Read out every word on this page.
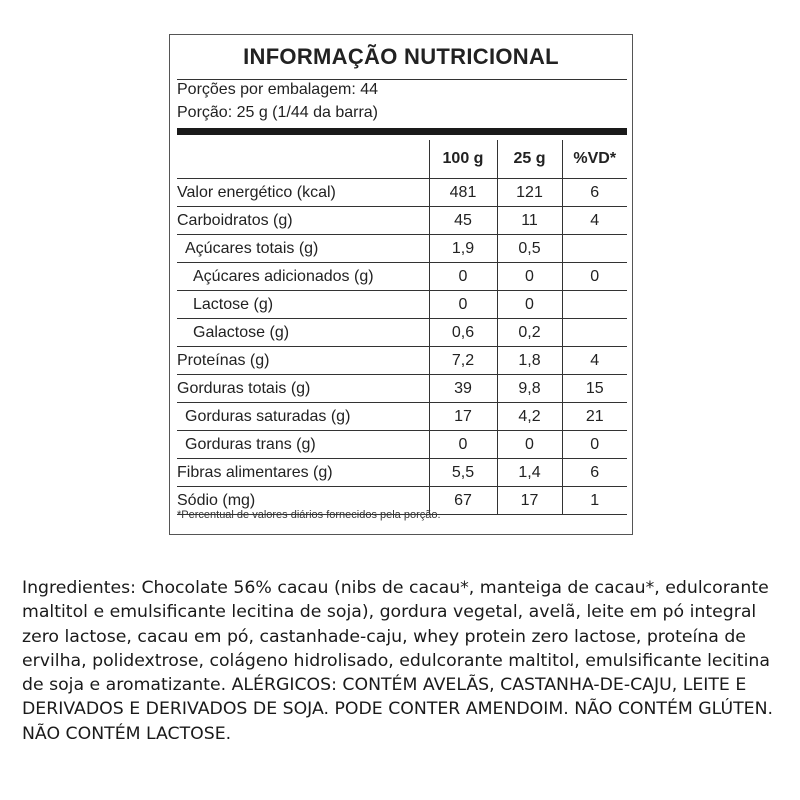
INFORMAÇÃO NUTRICIONAL
Porções por embalagem: 44
Porção: 25 g (1/44 da barra)
	100 g	25 g	%VD*
Valor energético (kcal)	481	121	6
Carboidratos (g)	45	11	4
Açúcares totais (g)	1,9	0,5	
Açúcares adicionados (g)	0	0	0
Lactose (g)	0	0	
Galactose (g)	0,6	0,2	
Proteínas (g)	7,2	1,8	4
Gorduras totais (g)	39	9,8	15
Gorduras saturadas (g)	17	4,2	21
Gorduras trans (g)	0	0	0
Fibras alimentares (g)	5,5	1,4	6
Sódio (mg)	67	17	1
*Percentual de valores diários fornecidos pela porção.
Ingredientes: Chocolate 56% cacau (nibs de cacau*, manteiga de cacau*, edulcorante maltitol e emulsificante lecitina de soja), gordura vegetal, avelã, leite em pó integral zero lactose, cacau em pó, castanha⁠de-caju, whey protein zero lactose, proteína de ervilha, polidextrose, colágeno hidrolisado, edulcorante maltitol, emulsificante lecitina de soja e aromatizante. ALÉRGICOS: CONTÉM AVELÃS, CASTANHA-DE-CAJU, LEITE E DERIVADOS E DERIVADOS DE SOJA. PODE CONTER AMENDOIM. NÃO CONTÉM GLÚTEN. NÃO CONTÉM LACTOSE.
